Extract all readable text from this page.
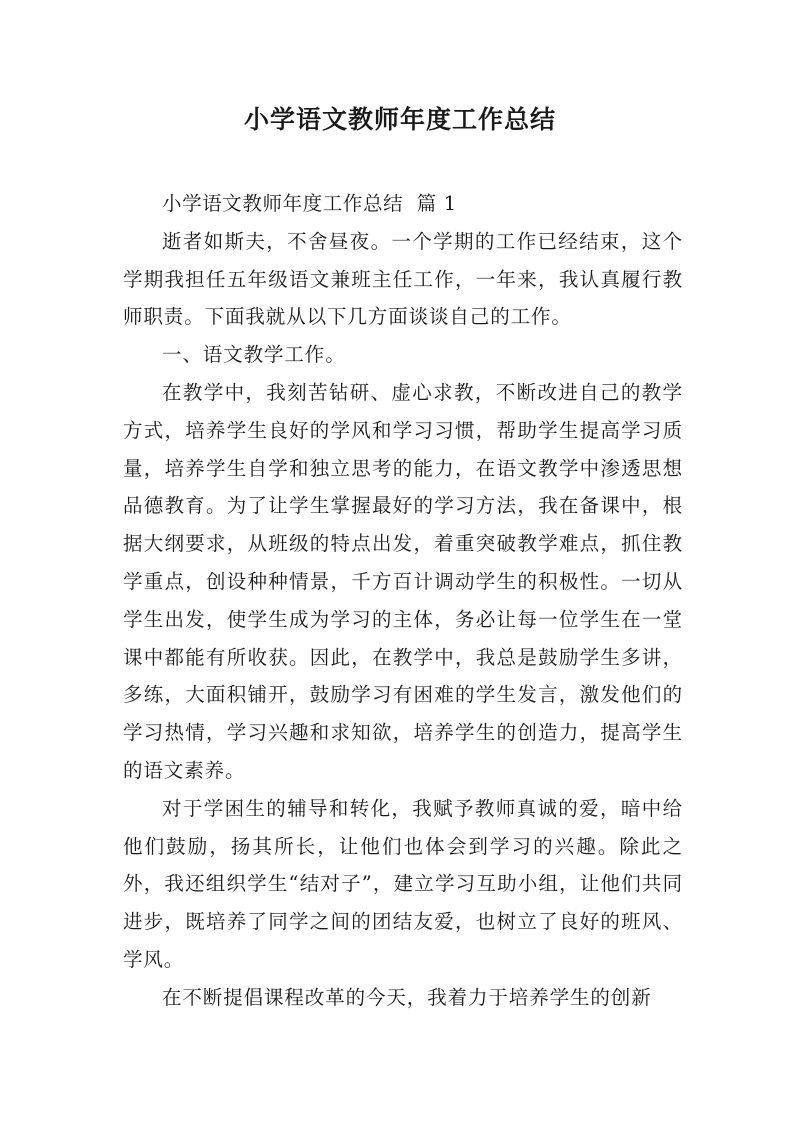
小学语文教师年度工作总结

小学语文教师年度工作总结  篇 1

逝者如斯夫，不舍昼夜。一个学期的工作已经结束，这个学期我担任五年级语文兼班主任工作，一年来，我认真履行教师职责。下面我就从以下几方面谈谈自己的工作。

一、语文教学工作。

在教学中，我刻苦钻研、虚心求教，不断改进自己的教学方式，培养学生良好的学风和学习习惯，帮助学生提高学习质量，培养学生自学和独立思考的能力，在语文教学中渗透思想品德教育。为了让学生掌握最好的学习方法，我在备课中，根据大纲要求，从班级的特点出发，着重突破教学难点，抓住教学重点，创设种种情景，千方百计调动学生的积极性。一切从学生出发，使学生成为学习的主体，务必让每一位学生在一堂课中都能有所收获。因此，在教学中，我总是鼓励学生多讲，多练，大面积铺开，鼓励学习有困难的学生发言，激发他们的学习热情，学习兴趣和求知欲，培养学生的创造力，提高学生的语文素养。

对于学困生的辅导和转化，我赋予教师真诚的爱，暗中给他们鼓励，扬其所长，让他们也体会到学习的兴趣。除此之外，我还组织学生“结对子”，建立学习互助小组，让他们共同进步，既培养了同学之间的团结友爱，也树立了良好的班风、学风。

在不断提倡课程改革的今天，我着力于培养学生的创新
